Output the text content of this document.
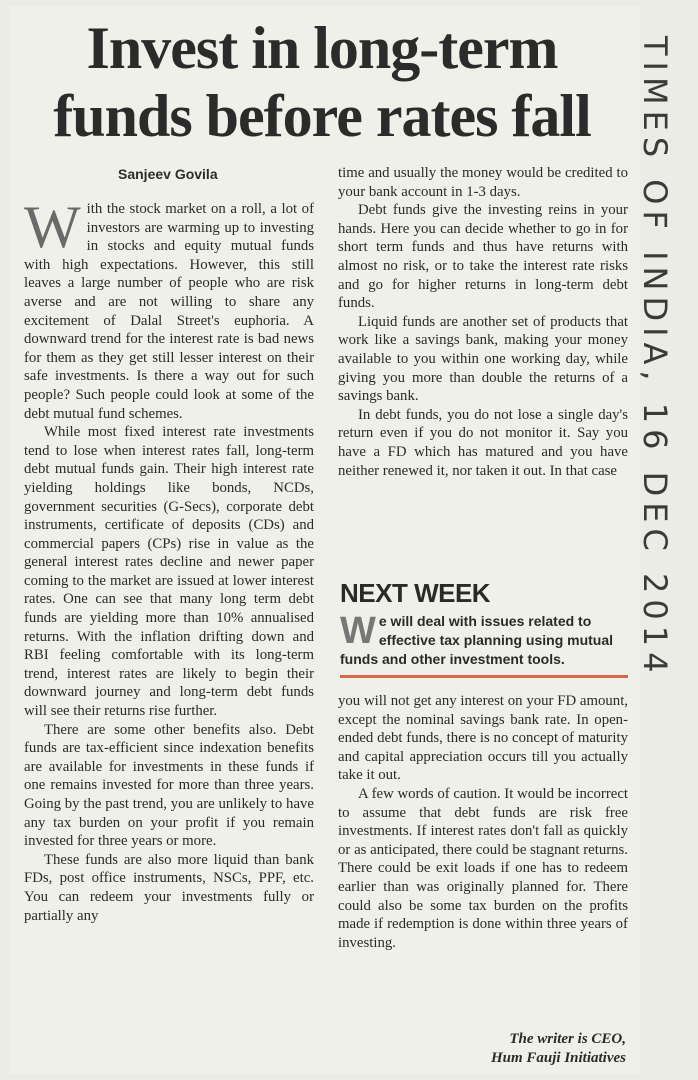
Invest in long-term
funds before rates fall
Sanjeev Govila

With the stock market on a roll, a lot of investors are warming up to investing in stocks and equity mutual funds with high expectations. However, this still leaves a large number of people who are risk averse and are not willing to share any excitement of Dalal Street's euphoria. A downward trend for the interest rate is bad news for them as they get still lesser interest on their safe investments. Is there a way out for such people? Such people could look at some of the debt mutual fund schemes.

While most fixed interest rate investments tend to lose when interest rates fall, long-term debt mutual funds gain. Their high interest rate yielding holdings like bonds, NCDs, government securities (G-Secs), corporate debt instruments, certificate of deposits (CDs) and commercial papers (CPs) rise in value as the general interest rates decline and newer paper coming to the market are issued at lower interest rates. One can see that many long term debt funds are yielding more than 10% annualised returns. With the inflation drifting down and RBI feeling comfortable with its long-term trend, interest rates are likely to begin their downward journey and long-term debt funds will see their returns rise further.

There are some other benefits also. Debt funds are tax-efficient since indexation benefits are available for investments in these funds if one remains invested for more than three years. Going by the past trend, you are unlikely to have any tax burden on your profit if you remain invested for three years or more.

These funds are also more liquid than bank FDs, post office instruments, NSCs, PPF, etc. You can redeem your investments fully or partially any

time and usually the money would be credited to your bank account in 1-3 days.

Debt funds give the investing reins in your hands. Here you can decide whether to go in for short term funds and thus have returns with almost no risk, or to take the interest rate risks and go for higher returns in long-term debt funds.

Liquid funds are another set of products that work like a savings bank, making your money available to you within one working day, while giving you more than double the returns of a savings bank.

In debt funds, you do not lose a single day's return even if you do not monitor it. Say you have a FD which has matured and you have neither renewed it, nor taken it out. In that case

NEXT WEEK
We will deal with issues related to effective tax planning using mutual funds and other investment tools.

you will not get any interest on your FD amount, except the nominal savings bank rate. In open-ended debt funds, there is no concept of maturity and capital appreciation occurs till you actually take it out.

A few words of caution. It would be incorrect to assume that debt funds are risk free investments. If interest rates don't fall as quickly or as anticipated, there could be stagnant returns. There could be exit loads if one has to redeem earlier than was originally planned for. There could also be some tax burden on the profits made if redemption is done within three years of investing.

The writer is CEO,
Hum Fauji Initiatives
TIMES OF INDIA, 16 DEC 2014
